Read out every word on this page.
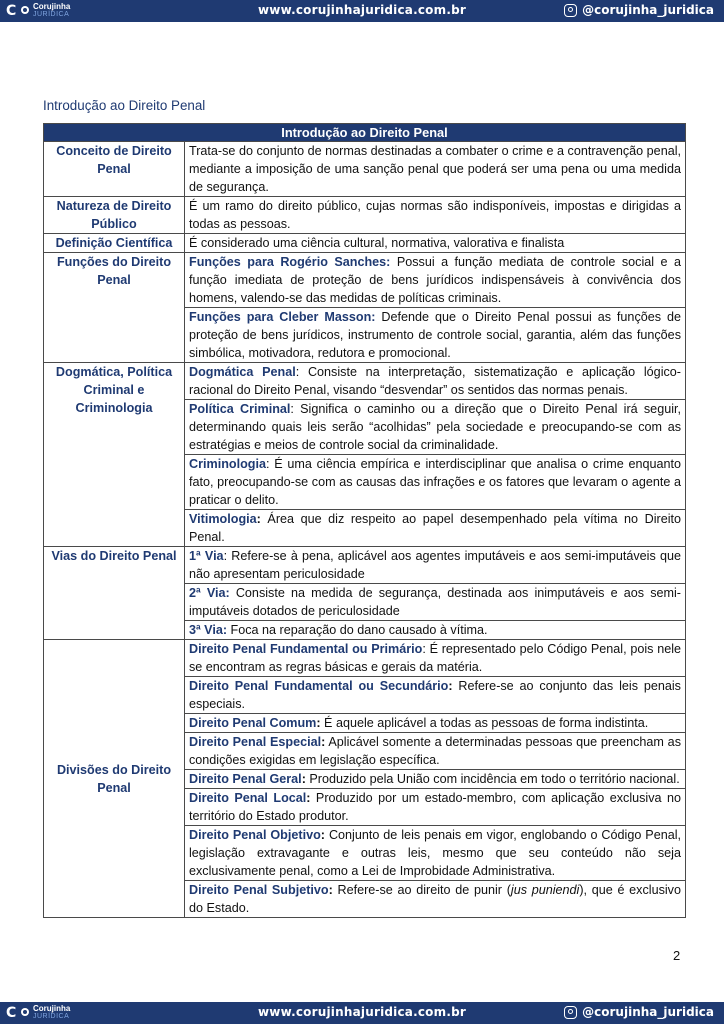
C Corujinha
JURÍDICA	www.corujinhajuridica.com.br	@corujinha_juridica
Introdução ao Direito Penal
Introdução ao Direito Penal	
Conceito de Direito Penal	Trata-se do conjunto de normas destinadas a combater o crime e a contravenção penal, mediante a imposição de uma sanção penal que poderá ser uma pena ou uma medida de segurança.
Natureza de Direito Público	É um ramo do direito público, cujas normas são indisponíveis, impostas e dirigidas a todas as pessoas.
Definição Científica	É considerado uma ciência cultural, normativa, valorativa e finalista
Funções do Direito Penal	Funções para Rogério Sanches: Possui a função mediata de controle social e a função imediata de proteção de bens jurídicos indispensáveis à convivência dos homens, valendo-se das medidas de políticas criminais.
	Funções para Cleber Masson: Defende que o Direito Penal possui as funções de proteção de bens jurídicos, instrumento de controle social, garantia, além das funções simbólica, motivadora, redutora e promocional.
Dogmática, Política Criminal e Criminologia	Dogmática Penal: Consiste na interpretação, sistematização e aplicação lógico-racional do Direito Penal, visando “desvendar” os sentidos das normas penais.
	Política Criminal: Significa o caminho ou a direção que o Direito Penal irá seguir, determinando quais leis serão “acolhidas” pela sociedade e preocupando-se com as estratégias e meios de controle social da criminalidade.
	Criminologia: É uma ciência empírica e interdisciplinar que analisa o crime enquanto fato, preocupando-se com as causas das infrações e os fatores que levaram o agente a praticar o delito.
	Vitimologia: Área que diz respeito ao papel desempenhado pela vítima no Direito Penal.
Vias do Direito Penal	1ª Via: Refere-se à pena, aplicável aos agentes imputáveis e aos semi-imputáveis que não apresentam periculosidade
	2ª Via: Consiste na medida de segurança, destinada aos inimputáveis e aos semi-imputáveis dotados de periculosidade
	3ª Via: Foca na reparação do dano causado à vítima.
Divisões do Direito Penal	Direito Penal Fundamental ou Primário: É representado pelo Código Penal, pois nele se encontram as regras básicas e gerais da matéria.
	Direito Penal Fundamental ou Secundário: Refere-se ao conjunto das leis penais especiais.
	Direito Penal Comum: É aquele aplicável a todas as pessoas de forma indistinta.
	Direito Penal Especial: Aplicável somente a determinadas pessoas que preencham as condições exigidas em legislação específica.
	Direito Penal Geral: Produzido pela União com incidência em todo o território nacional.
	Direito Penal Local: Produzido por um estado-membro, com aplicação exclusiva no território do Estado produtor.
	Direito Penal Objetivo: Conjunto de leis penais em vigor, englobando o Código Penal, legislação extravagante e outras leis, mesmo que seu conteúdo não seja exclusivamente penal, como a Lei de Improbidade Administrativa.
	Direito Penal Subjetivo: Refere-se ao direito de punir (jus puniendi), que é exclusivo do Estado.
2
C Corujinha
JURÍDICA	www.corujinhajuridica.com.br	@corujinha_juridica
